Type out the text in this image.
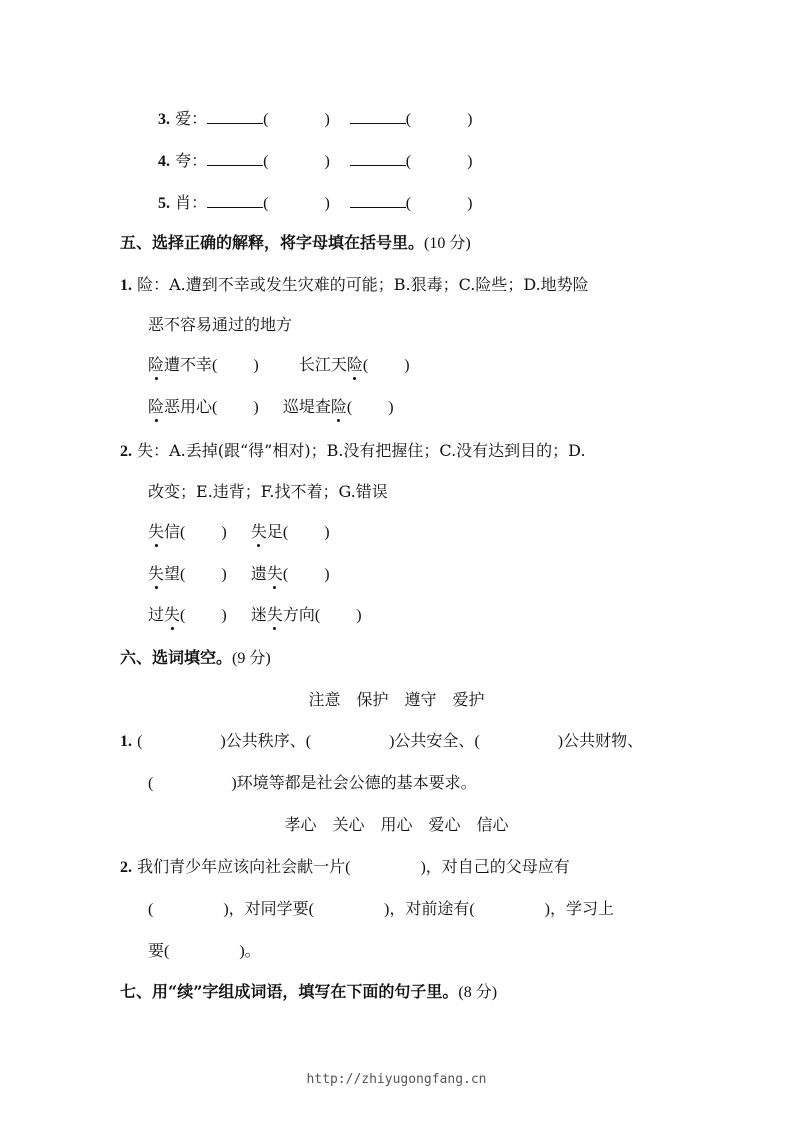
3. 爱：	(	)	(	)
4. 夸：	(	)	(	)
5. 肖：	(	)	(	)
五、选择正确的解释，将字母填在括号里。(10 分)
1. 险：A.遭到不幸或发生灾难的可能；B.狠毒；C.险些；D.地势险
恶不容易通过的地方
险遭不幸( )	长江天险( )
险恶用心( ) 巡堤查险( )
2. 失：A.丢掉(跟“得”相对)；B.没有把握住；C.没有达到目的；D.
改变；E.违背；F.找不着；G.错误
失信( ) 失足( )
失望( ) 遗失( )
过失( ) 迷失方向( )
六、选词填空。(9 分)
注意　保护　遵守　爱护
1. (	)公共秩序、(	)公共安全、(	)公共财物、
(	)环境等都是社会公德的基本要求。
孝心　关心　用心　爱心　信心
2. 我们青少年应该向社会献一片(	)，对自己的父母应有
(	)，对同学要(	)，对前途有(	)，学习上
要(	)。
七、用“续”字组成词语，填写在下面的句子里。(8 分)
http://zhiyugongfang.cn
